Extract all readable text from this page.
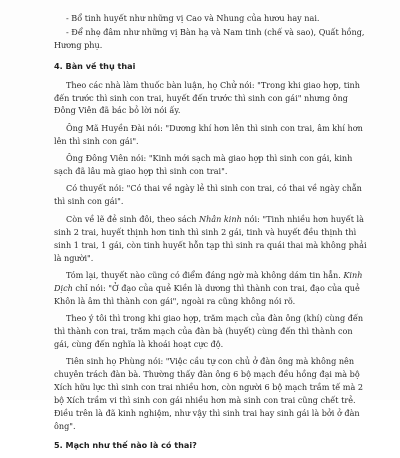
- Bổ tinh huyết như những vị Cao và Nhung của hươu hay nai.

- Để nhẹ đâm như những vị Bàn hạ và Nam tinh (chế và sao), Quất hồng, Hương phụ.

4. Bàn về thụ thai

Theo các nhà làm thuốc bàn luận, họ Chử nói: "Trong khi giao hợp, tinh đến trước thì sinh con trai, huyết đến trước thì sinh con gái" nhưng ông Đông Viên đã bác bỏ lời nói ấy.

Ông Mã Huyền Đài nói: "Dương khí hơn lên thì sinh con trai, âm khí hơn lên thì sinh con gái".

Ông Đông Viên nói: "Kinh mới sạch mà giao hợp thì sinh con gái, kinh sạch đã lâu mà giao hợp thì sinh con trai".

Có thuyết nói: "Có thai về ngày lẻ thì sinh con trai, có thai về ngày chẵn thì sinh con gái".

Còn về lẽ đẻ sinh đôi, theo sách Nhân kinh nói: "Tinh nhiều hơn huyết là sinh 2 trai, huyết thịnh hơn tinh thì sinh 2 gái, tinh và huyết đều thịnh thì sinh 1 trai, 1 gái, còn tinh huyết hỗn tạp thì sinh ra quái thai mà không phải là người".

Tóm lại, thuyết nào cũng có điểm đáng ngờ mà không dám tin hẳn. Kinh Dịch chỉ nói: "Ở đạo của quẻ Kiền là dương thì thành con trai, đạo của quẻ Khôn là âm thì thành con gái", ngoài ra cũng không nói rõ.

Theo ý tôi thì trong khi giao hợp, trăm mạch của đàn ông (khí) cùng đến thì thành con trai, trăm mạch của đàn bà (huyết) cùng đến thì thành con gái, cùng đến nghĩa là khoái hoạt cực độ.

Tiên sinh họ Phùng nói: "Việc cầu tự con chủ ở đàn ông mà không nên chuyên trách đàn bà. Thường thấy đàn ông 6 bộ mạch đều hồng đại mà bộ Xích hữu lực thì sinh con trai nhiều hơn, còn người 6 bộ mạch trầm tế mà 2 bộ Xích trầm vi thì sinh con gái nhiều hơn mà sinh con trai cũng chết trẻ. Điều trên là đã kinh nghiệm, như vậy thì sinh trai hay sinh gái là bởi ở đàn ông".

5. Mạch như thế nào là có thai?
